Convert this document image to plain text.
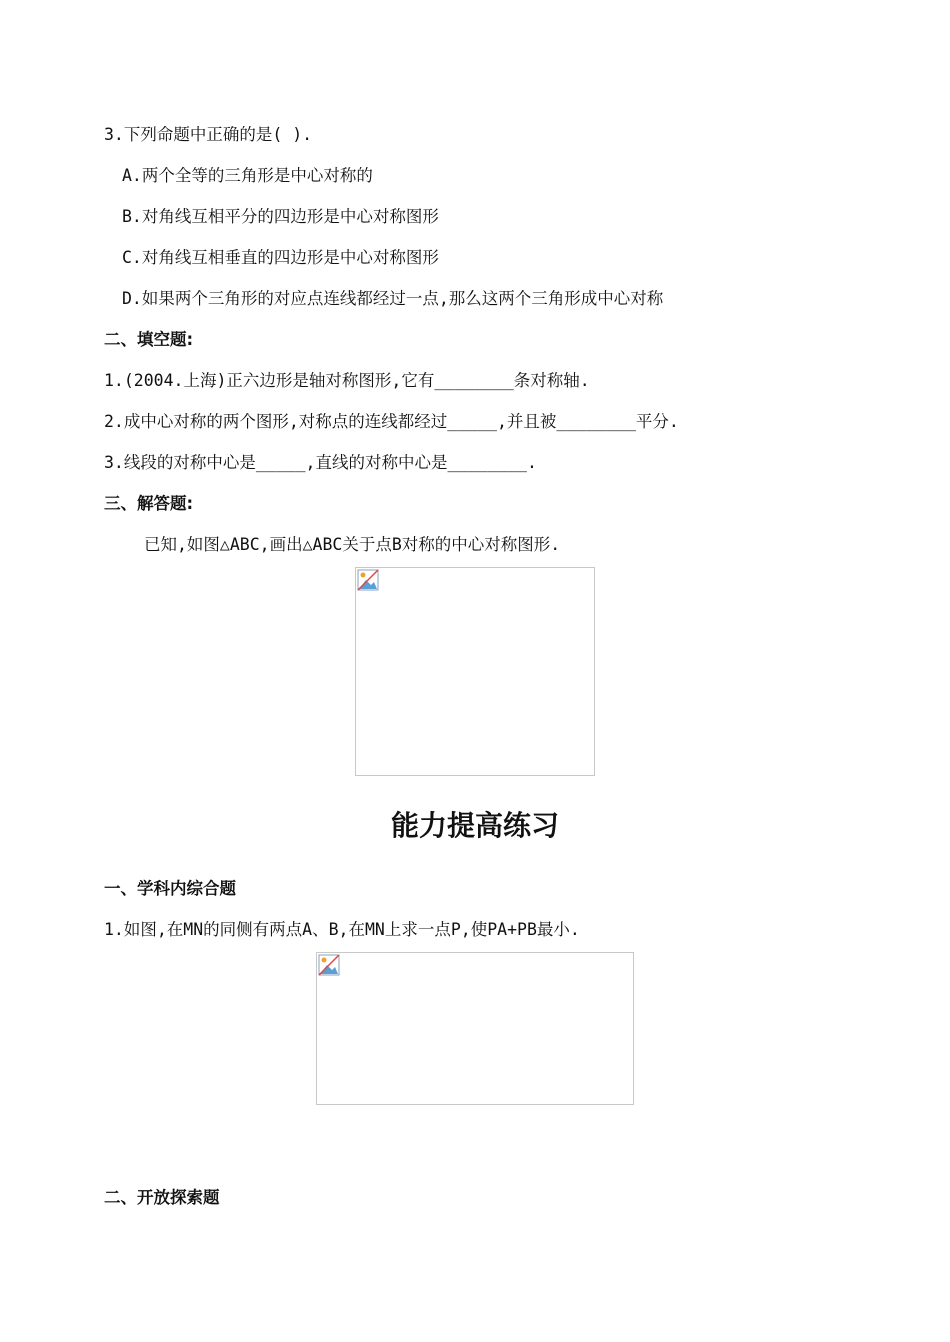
3.下列命题中正确的是( ).
A.两个全等的三角形是中心对称的
B.对角线互相平分的四边形是中心对称图形
C.对角线互相垂直的四边形是中心对称图形
D.如果两个三角形的对应点连线都经过一点,那么这两个三角形成中心对称
二、填空题:
1.(2004.上海)正六边形是轴对称图形,它有________条对称轴.
2.成中心对称的两个图形,对称点的连线都经过_____,并且被________平分.
3.线段的对称中心是_____,直线的对称中心是________.
三、解答题:
已知,如图△ABC,画出△ABC关于点B对称的中心对称图形.
能力提高练习
一、学科内综合题
1.如图,在MN的同侧有两点A、B,在MN上求一点P,使PA+PB最小.
二、开放探索题
